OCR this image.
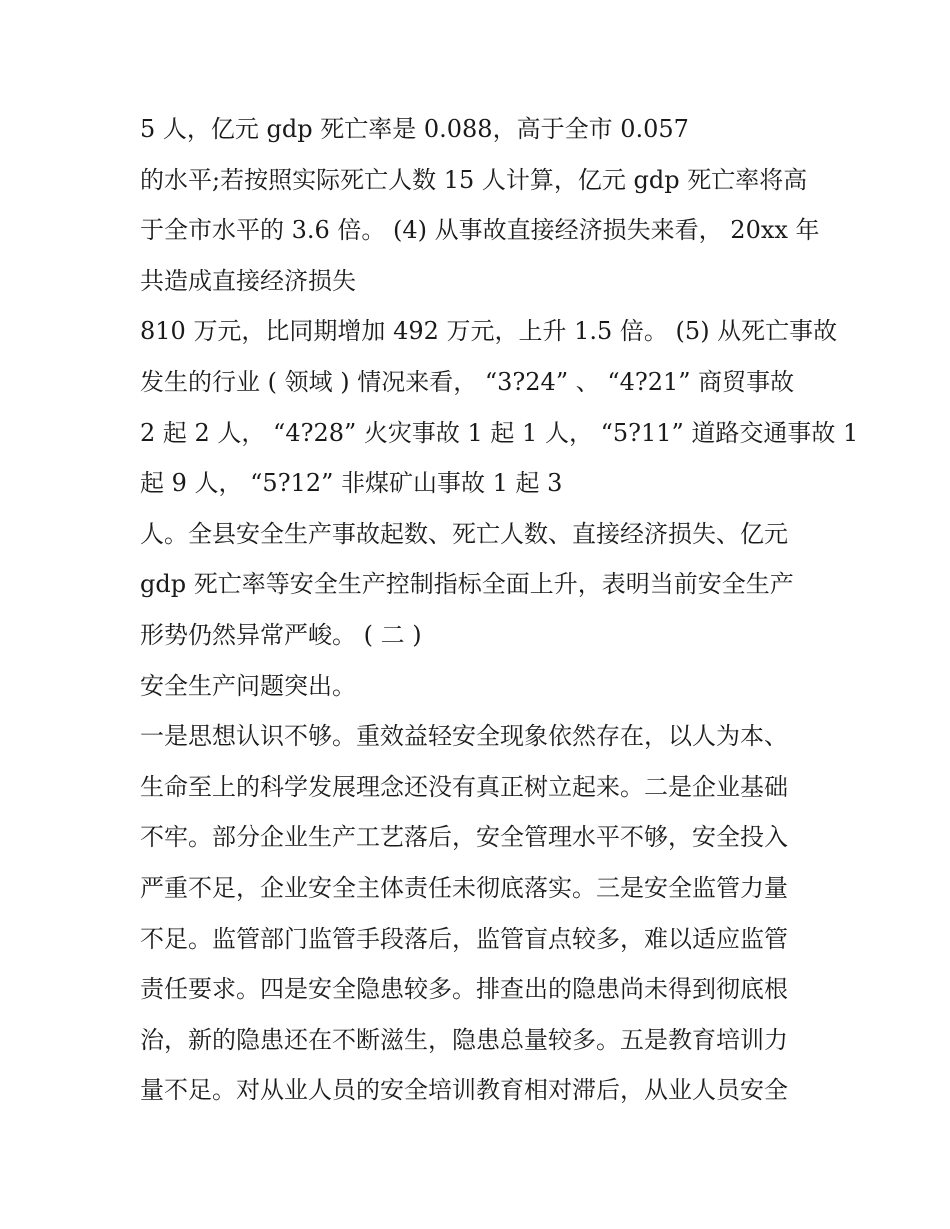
5 人，亿元 gdp 死亡率是 0.088，高于全市 0.057
的水平;若按照实际死亡人数 15 人计算，亿元 gdp 死亡率将高
于全市水平的 3.6 倍。 (4) 从事故直接经济损失来看， 20xx 年
共造成直接经济损失
810 万元，比同期增加 492 万元，上升 1.5 倍。 (5) 从死亡事故
发生的行业 ( 领域 ) 情况来看， “3?24” 、 “4?21” 商贸事故
2 起 2 人， “4?28” 火灾事故 1 起 1 人， “5?11” 道路交通事故 1
起 9 人， “5?12” 非煤矿山事故 1 起 3
人。全县安全生产事故起数、死亡人数、直接经济损失、亿元
gdp 死亡率等安全生产控制指标全面上升，表明当前安全生产
形势仍然异常严峻。 ( 二 )
安全生产问题突出。
一是思想认识不够。重效益轻安全现象依然存在，以人为本、
生命至上的科学发展理念还没有真正树立起来。二是企业基础
不牢。部分企业生产工艺落后，安全管理水平不够，安全投入
严重不足，企业安全主体责任未彻底落实。三是安全监管力量
不足。监管部门监管手段落后，监管盲点较多，难以适应监管
责任要求。四是安全隐患较多。排查出的隐患尚未得到彻底根
治，新的隐患还在不断滋生，隐患总量较多。五是教育培训力
量不足。对从业人员的安全培训教育相对滞后，从业人员安全
